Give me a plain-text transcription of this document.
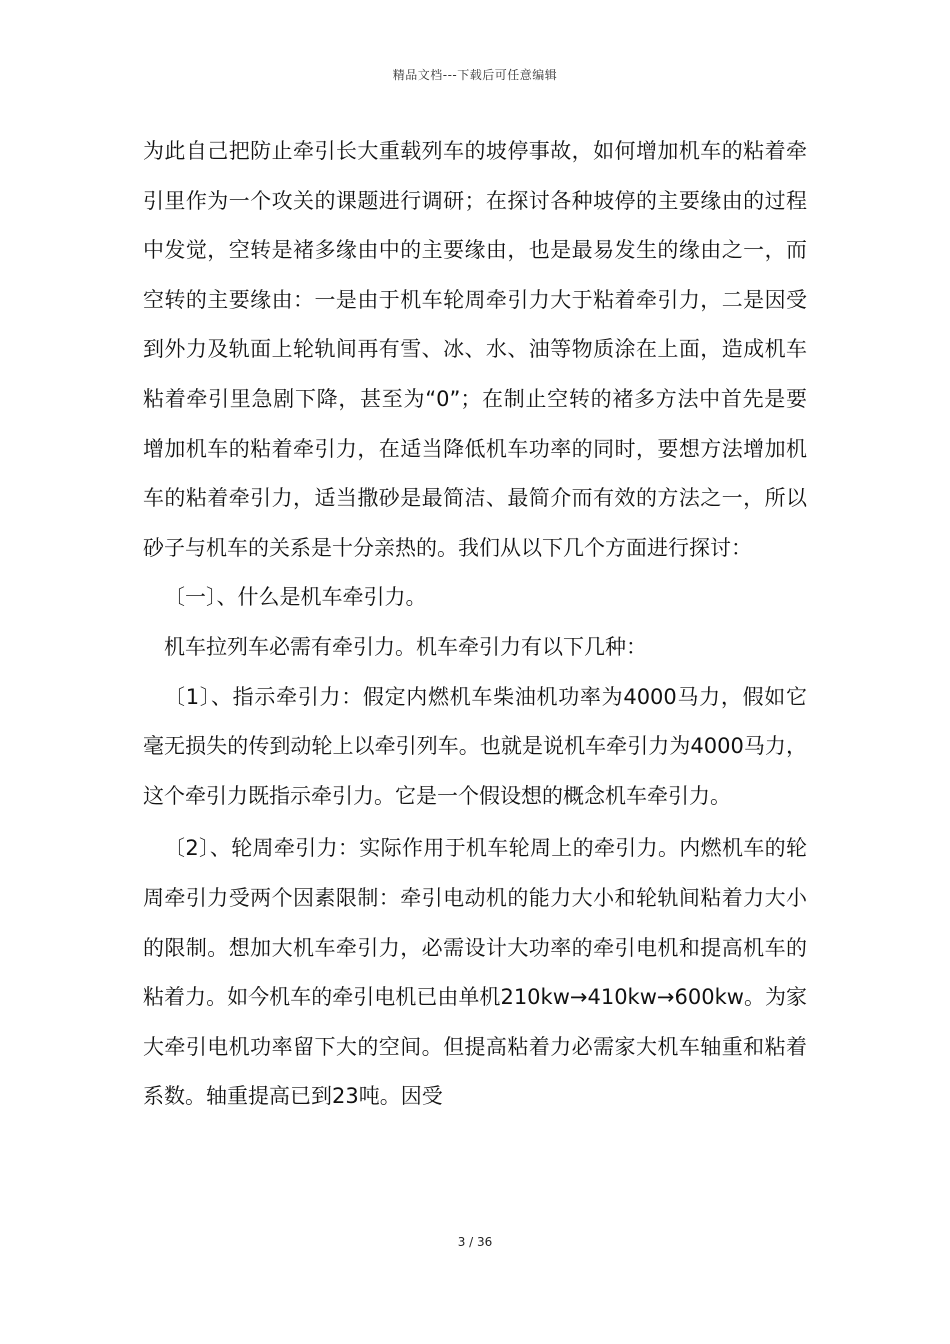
精品文档---下载后可任意编辑

为此自己把防止牵引长大重载列车的坡停事故，如何增加机车的粘着牵引里作为一个攻关的课题进行调研；在探讨各种坡停的主要缘由的过程中发觉，空转是褚多缘由中的主要缘由，也是最易发生的缘由之一，而空转的主要缘由：一是由于机车轮周牵引力大于粘着牵引力，二是因受到外力及轨面上轮轨间再有雪、冰、水、油等物质涂在上面，造成机车粘着牵引里急剧下降，甚至为“0”；在制止空转的褚多方法中首先是要增加机车的粘着牵引力，在适当降低机车功率的同时，要想方法增加机车的粘着牵引力，适当撒砂是最简洁、最简介而有效的方法之一，所以砂子与机车的关系是十分亲热的。我们从以下几个方面进行探讨：

〔一〕、什么是机车牵引力。

机车拉列车必需有牵引力。机车牵引力有以下几种：

〔1〕、指示牵引力：假定内燃机车柴油机功率为4000马力，假如它毫无损失的传到动轮上以牵引列车。也就是说机车牵引力为4000马力，这个牵引力既指示牵引力。它是一个假设想的概念机车牵引力。

〔2〕、轮周牵引力：实际作用于机车轮周上的牵引力。内燃机车的轮周牵引力受两个因素限制：牵引电动机的能力大小和轮轨间粘着力大小的限制。想加大机车牵引力，必需设计大功率的牵引电机和提高机车的粘着力。如今机车的牵引电机已由单机210kw→410kw→600kw。为家大牵引电机功率留下大的空间。但提高粘着力必需家大机车轴重和粘着系数。轴重提高已到23吨。因受

3 / 36
